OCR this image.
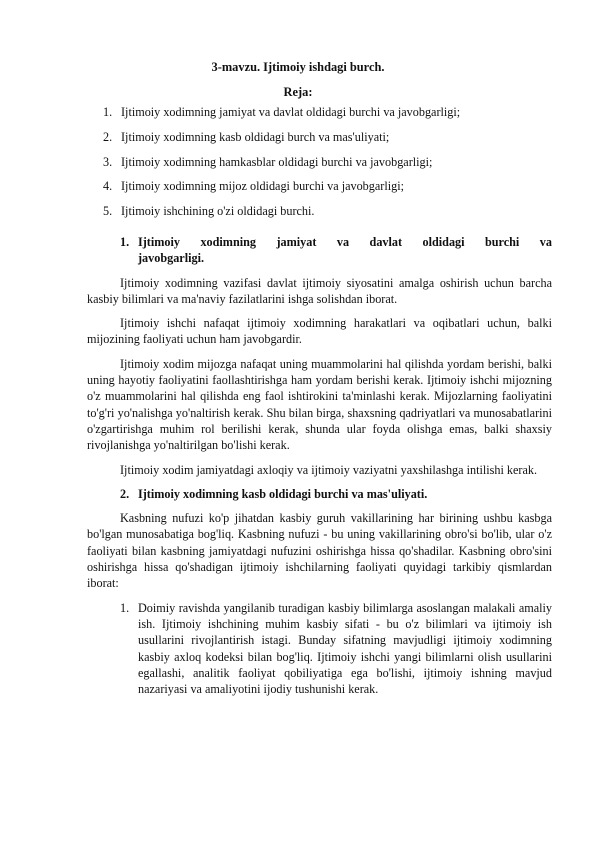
3-mavzu. Ijtimoiy ishdagi burch.
Reja:
1. Ijtimoiy xodimning jamiyat va davlat oldidagi burchi va javobgarligi;
2. Ijtimoiy xodimning kasb oldidagi burch va mas'uliyati;
3. Ijtimoiy xodimning hamkasblar oldidagi burchi va javobgarligi;
4. Ijtimoiy xodimning mijoz oldidagi burchi va javobgarligi;
5. Ijtimoiy ishchining o'zi oldidagi burchi.
1. Ijtimoiy xodimning jamiyat va davlat oldidagi burchi va
javobgarligi.

Ijtimoiy xodimning vazifasi davlat ijtimoiy siyosatini amalga oshirish uchun barcha kasbiy bilimlari va ma'naviy fazilatlarini ishga solishdan iborat.

Ijtimoiy ishchi nafaqat ijtimoiy xodimning harakatlari va oqibatlari uchun, balki mijozining faoliyati uchun ham javobgardir.

Ijtimoiy xodim mijozga nafaqat uning muammolarini hal qilishda yordam berishi, balki uning hayotiy faoliyatini faollashtirishga ham yordam berishi kerak. Ijtimoiy ishchi mijozning o'z muammolarini hal qilishda eng faol ishtirokini ta'minlashi kerak. Mijozlarning faoliyatini to'g'ri yo'nalishga yo'naltirish kerak. Shu bilan birga, shaxsning qadriyatlari va munosabatlarini o'zgartirishga muhim rol berilishi kerak, shunda ular foyda olishga emas, balki shaxsiy rivojlanishga yo'naltirilgan bo'lishi kerak.

Ijtimoiy xodim jamiyatdagi axloqiy va ijtimoiy vaziyatni yaxshilashga intilishi kerak.

2. Ijtimoiy xodimning kasb oldidagi burchi va mas'uliyati.

Kasbning nufuzi ko'p jihatdan kasbiy guruh vakillarining har birining ushbu kasbga bo'lgan munosabatiga bog'liq. Kasbning nufuzi - bu uning vakillarining obro'si bo'lib, ular o'z faoliyati bilan kasbning jamiyatdagi nufuzini oshirishga hissa qo'shadilar. Kasbning obro'sini oshirishga hissa qo'shadigan ijtimoiy ishchilarning faoliyati quyidagi tarkibiy qismlardan iborat:

1. Doimiy ravishda yangilanib turadigan kasbiy bilimlarga asoslangan malakali amaliy ish. Ijtimoiy ishchining muhim kasbiy sifati - bu o'z bilimlari va ijtimoiy ish usullarini rivojlantirish istagi. Bunday sifatning mavjudligi ijtimoiy xodimning kasbiy axloq kodeksi bilan bog'liq. Ijtimoiy ishchi yangi bilimlarni olish usullarini egallashi, analitik faoliyat qobiliyatiga ega bo'lishi, ijtimoiy ishning mavjud nazariyasi va amaliyotini ijodiy tushunishi kerak.
